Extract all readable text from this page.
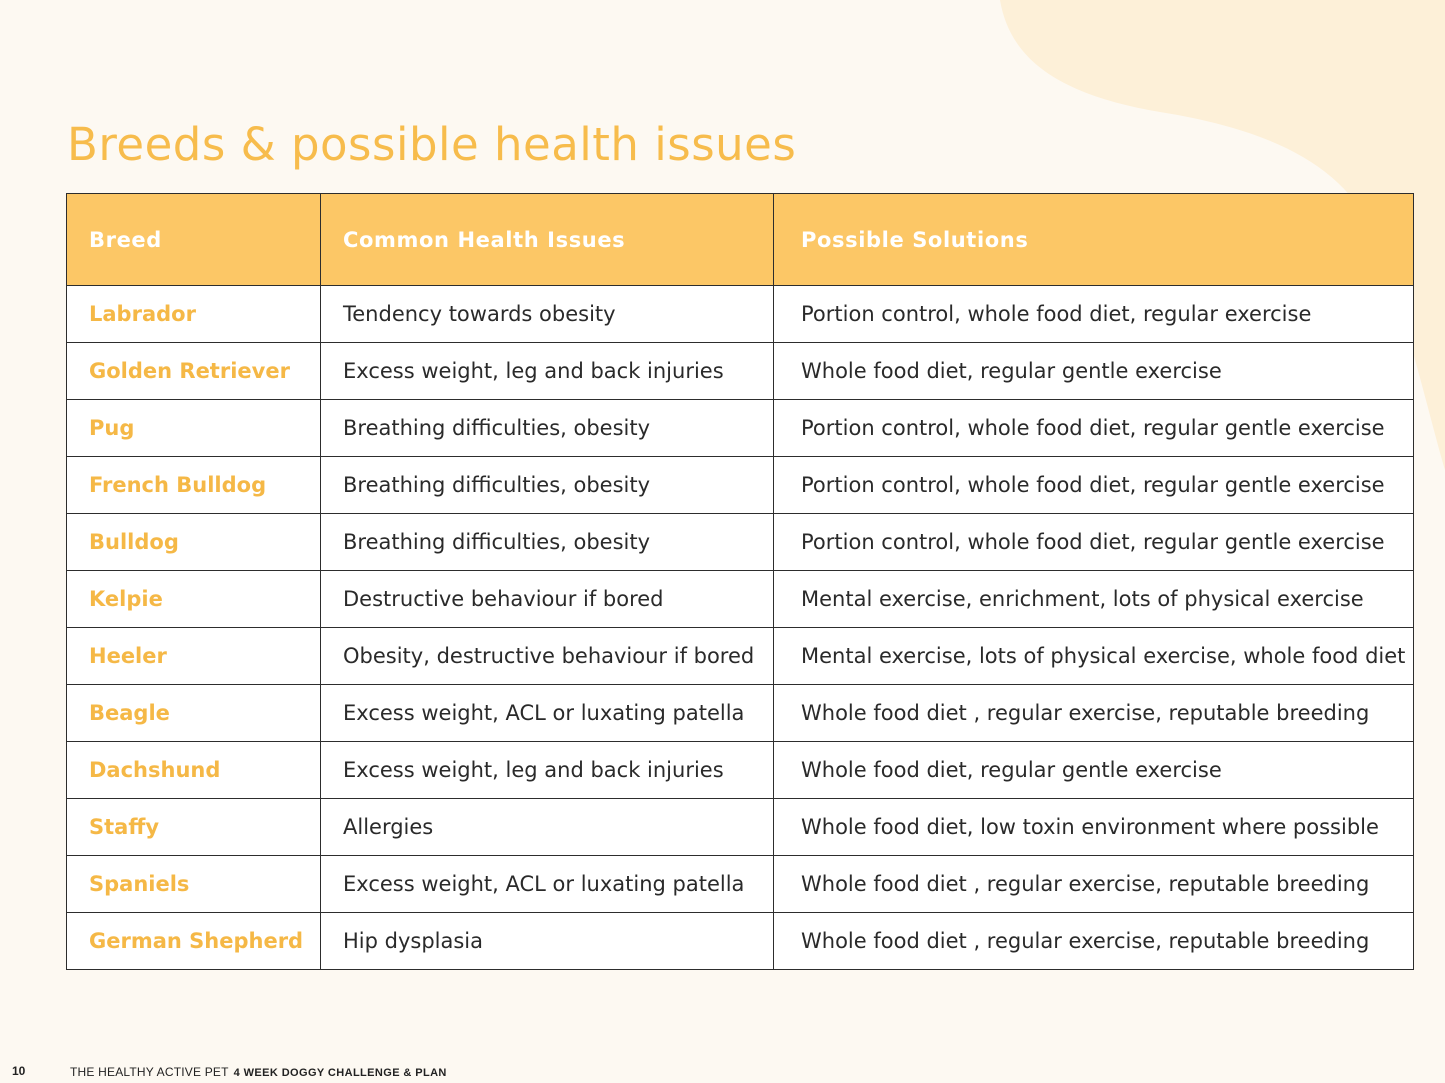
Breeds & possible health issues
Breed	Common Health Issues	Possible Solutions
Labrador	Tendency towards obesity	Portion control, whole food diet, regular exercise
Golden Retriever	Excess weight, leg and back injuries	Whole food diet, regular gentle exercise
Pug	Breathing difficulties, obesity	Portion control, whole food diet, regular gentle exercise
French Bulldog	Breathing difficulties, obesity	Portion control, whole food diet, regular gentle exercise
Bulldog	Breathing difficulties, obesity	Portion control, whole food diet, regular gentle exercise
Kelpie	Destructive behaviour if bored	Mental exercise, enrichment, lots of physical exercise
Heeler	Obesity, destructive behaviour if bored	Mental exercise, lots of physical exercise, whole food diet
Beagle	Excess weight, ACL or luxating patella	Whole food diet , regular exercise, reputable breeding
Dachshund	Excess weight, leg and back injuries	Whole food diet, regular gentle exercise
Staffy	Allergies	Whole food diet, low toxin environment where possible
Spaniels	Excess weight, ACL or luxating patella	Whole food diet , regular exercise, reputable breeding
German Shepherd	Hip dysplasia	Whole food diet , regular exercise, reputable breeding
10	THE HEALTHY ACTIVE PET 4 WEEK DOGGY CHALLENGE & PLAN
